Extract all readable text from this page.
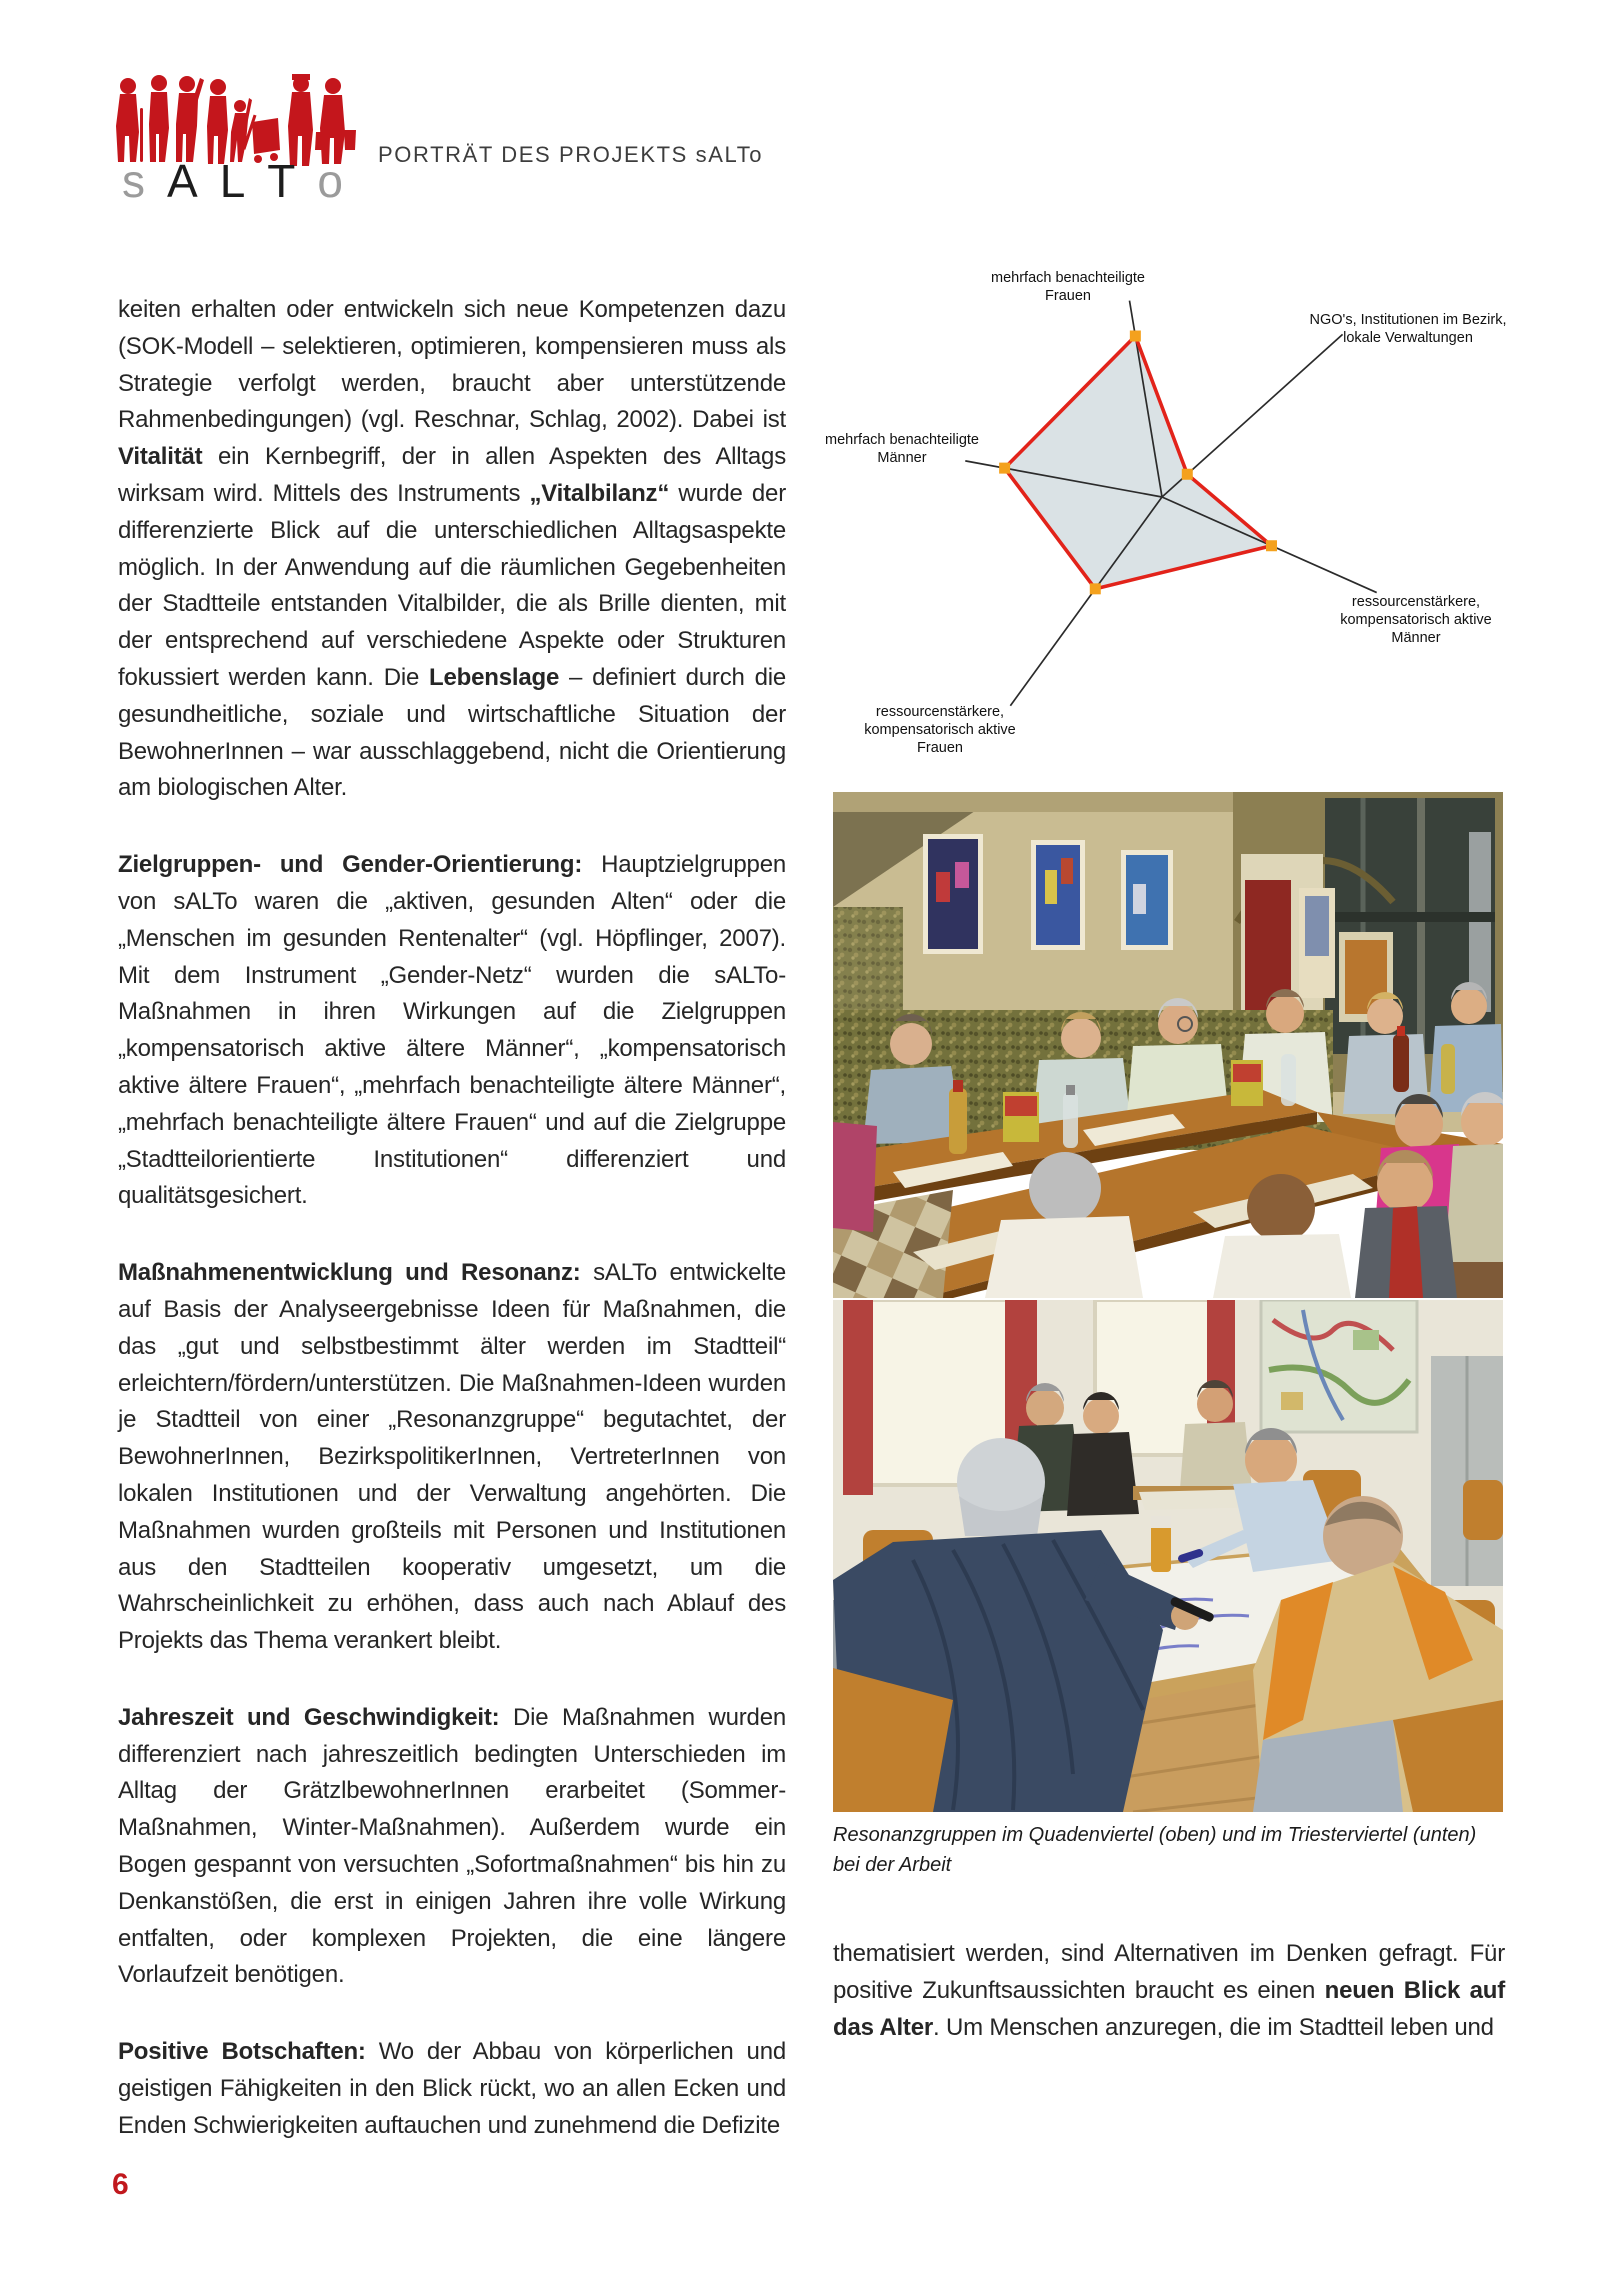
s A L T o
PORTRÄT DES PROJEKTS sALTo

keiten erhalten oder entwickeln sich neue Kompetenzen dazu (SOK-Modell – selektieren, optimieren, kompensieren muss als Strategie verfolgt werden, braucht aber unterstützende Rahmenbedingungen) (vgl. Reschnar, Schlag, 2002). Dabei ist Vitalität ein Kernbegriff, der in allen Aspekten des Alltags wirksam wird. Mittels des Instruments „Vitalbilanz“ wurde der differenzierte Blick auf die unterschiedlichen Alltagsaspekte möglich. In der Anwendung auf die räumlichen Gegebenheiten der Stadtteile entstanden Vitalbilder, die als Brille dienten, mit der entsprechend auf verschiedene Aspekte oder Strukturen fokussiert werden kann. Die Lebenslage – definiert durch die gesundheitliche, soziale und wirtschaftliche Situation der BewohnerInnen – war ausschlaggebend, nicht die Orientierung am biologischen Alter.

Zielgruppen- und Gender-Orientierung: Hauptzielgruppen von sALTo waren die „aktiven, gesunden Alten“ oder die „Menschen im gesunden Rentenalter“ (vgl. Höpflinger, 2007). Mit dem Instrument „Gender-Netz“ wurden die sALTo-Maßnahmen in ihren Wirkungen auf die Zielgruppen „kompensatorisch aktive ältere Männer“, „kompensatorisch aktive ältere Frauen“, „mehrfach benachteiligte ältere Männer“, „mehrfach benachteiligte ältere Frauen“ und auf die Zielgruppe „Stadtteilorientierte Institutionen“ differenziert und qualitätsgesichert.

Maßnahmenentwicklung und Resonanz: sALTo entwickelte auf Basis der Analyseergebnisse Ideen für Maßnahmen, die das „gut und selbstbestimmt älter werden im Stadtteil“ erleichtern/fördern/unterstützen. Die Maßnahmen-Ideen wurden je Stadtteil von einer „Resonanzgruppe“ begutachtet, der BewohnerInnen, BezirkspolitikerInnen, VertreterInnen von lokalen Institutionen und der Verwaltung angehörten. Die Maßnahmen wurden großteils mit Personen und Institutionen aus den Stadtteilen kooperativ umgesetzt, um die Wahrscheinlichkeit zu erhöhen, dass auch nach Ablauf des Projekts das Thema verankert bleibt.

Jahreszeit und Geschwindigkeit: Die Maßnahmen wurden differenziert nach jahreszeitlich bedingten Unterschieden im Alltag der GrätzlbewohnerInnen erarbeitet (Sommer-Maßnahmen, Winter-Maßnahmen). Außerdem wurde ein Bogen gespannt von versuchten „Sofortmaßnahmen“ bis hin zu Denkanstößen, die erst in einigen Jahren ihre volle Wirkung entfalten, oder komplexen Projekten, die eine längere Vorlaufzeit benötigen.

Positive Botschaften: Wo der Abbau von körperlichen und geistigen Fähigkeiten in den Blick rückt, wo an allen Ecken und Enden Schwierigkeiten auftauchen und zunehmend die Defizite

mehrfach benachteiligte Frauen
NGO's, Institutionen im Bezirk, lokale Verwaltungen
ressourcenstärkere, kompensatorisch aktive Männer
ressourcenstärkere, kompensatorisch aktive Frauen
mehrfach benachteiligte Männer
Resonanzgruppen im Quadenviertel (oben) und im Triesterviertel (unten) bei der Arbeit

thematisiert werden, sind Alternativen im Denken gefragt. Für positive Zukunftsaussichten braucht es einen neuen Blick auf das Alter. Um Menschen anzuregen, die im Stadtteil leben und

6
